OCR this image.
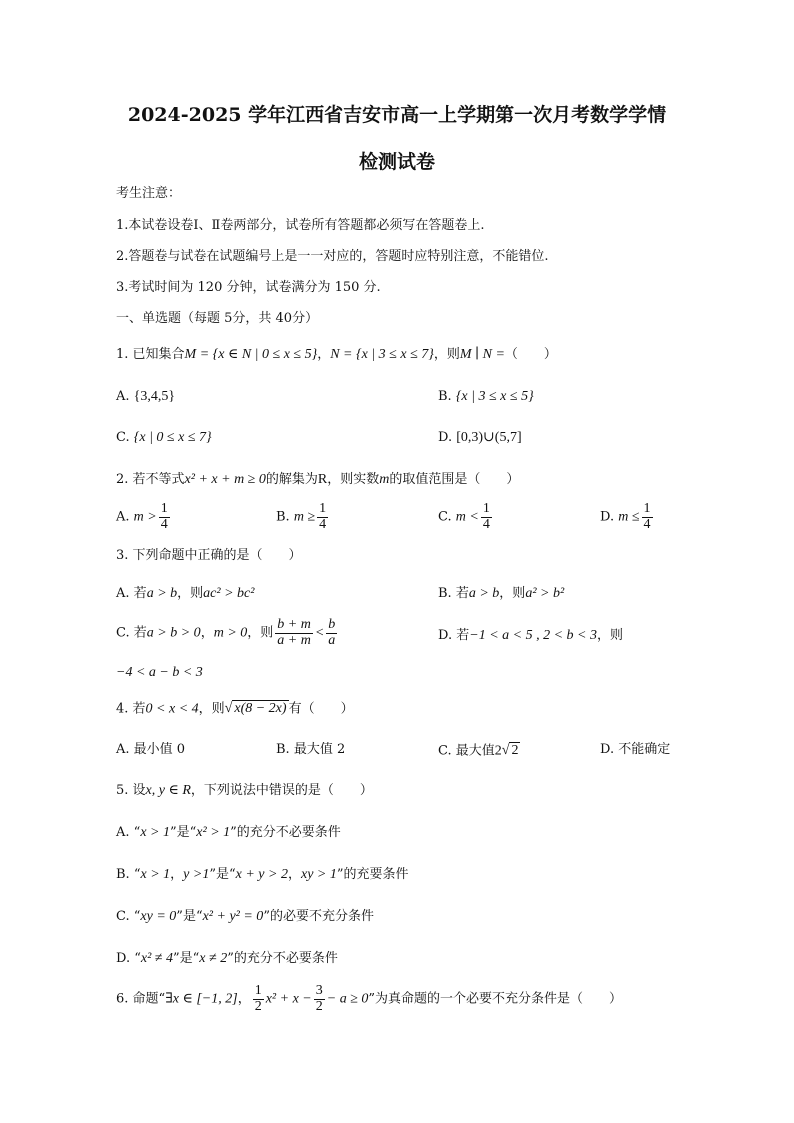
2024-2025 学年江西省吉安市高一上学期第一次月考数学学情
检测试卷
考生注意：
1.本试卷设卷Ⅰ、Ⅱ卷两部分，试卷所有答题都必须写在答题卷上.
2.答题卷与试卷在试题编号上是一一对应的，答题时应特别注意，不能错位.
3.考试时间为 120 分钟，试卷满分为 150 分.
一、单选题（每题 5分，共 40分）
1. 已知集合M = {x ∈ N | 0 ≤ x ≤ 5}，N = {x | 3 ≤ x ≤ 7}，则M ∣ N =（　　）
A. {3,4,5}	B. {x | 3 ≤ x ≤ 5}
C. {x | 0 ≤ x ≤ 7}	D. [0,3)∪(5,7]
2. 若不等式x² + x + m ≥ 0的解集为R，则实数m的取值范围是（　　）
A. $m > \frac{1}{4}$	B. $m \ge \frac{1}{4}$	C. $m < \frac{1}{4}$	D. $m \le \frac{1}{4}$
3. 下列命题中正确的是（　　）
A. 若a > b，则ac² > bc²	B. 若a > b，则a² > b²
C. 若a > b > 0，m > 0，则 $\frac{b + m}{a + m} < \frac{b}{a}$	D. 若−1 < a < 5 , 2 < b < 3，则
−4 < a − b < 3
4. 若0 < x < 4，则√ x(8 − 2x) 有（　　）
A. 最小值 0	B. 最大值 2	C. 最大值2√ 2	D. 不能确定
5. 设x, y ∈ R，下列说法中错误的是（　　）
A. “x > 1”是“x² > 1”的充分不必要条件
B. “x > 1，y >1”是“x + y > 2，xy > 1”的充要条件
C. “xy = 0”是“x² + y² = 0”的必要不充分条件
D. “x² ≠ 4”是“x ≠ 2”的充分不必要条件
6. 命题“∃x ∈ [−1, 2]， $\frac{1}{2} x^2 + x - \frac{3}{2} - a \ge 0$”为真命题的一个必要不充分条件是（　　）
